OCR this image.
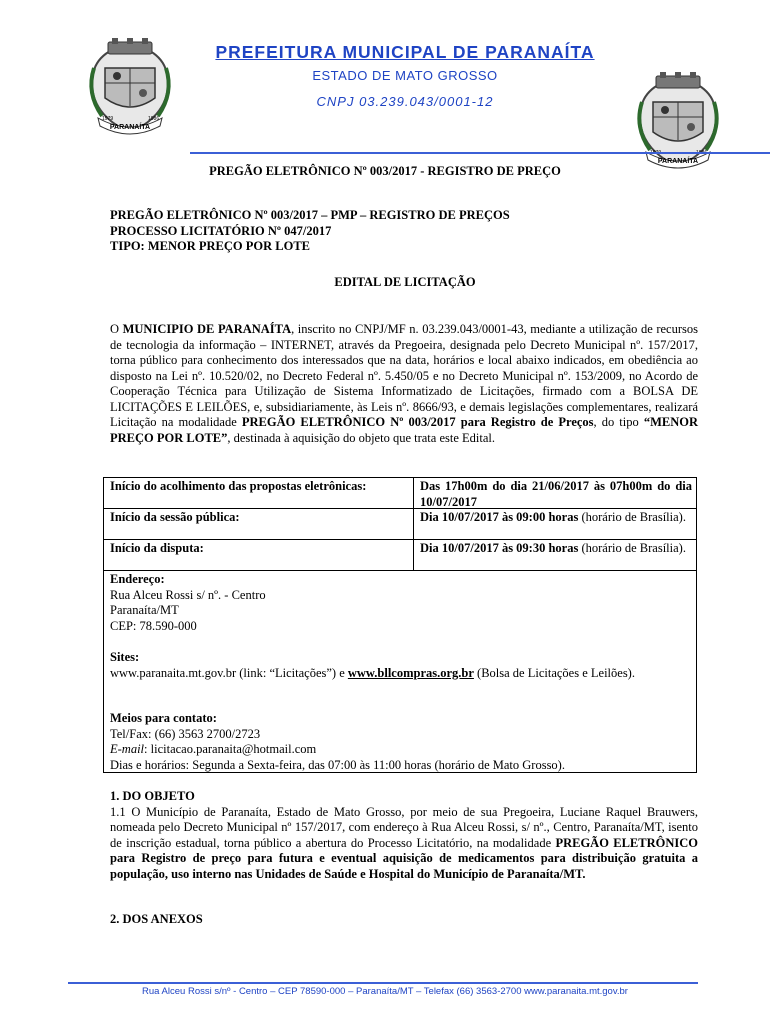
PARANAÍTA
1979	1986
PARANAÍTA
PREFEITURA MUNICIPAL DE PARANAÍTA
ESTADO DE MATO GROSSO
CNPJ 03.239.043/0001-12
PREGÃO ELETRÔNICO Nº 003/2017 - REGISTRO DE PREÇO
PREGÃO ELETRÔNICO Nº 003/2017 – PMP – REGISTRO DE PREÇOS
PROCESSO LICITATÓRIO Nº 047/2017
TIPO: MENOR PREÇO POR LOTE
EDITAL DE LICITAÇÃO
O MUNICIPIO DE PARANAÍTA, inscrito no CNPJ/MF n. 03.239.043/0001-43, mediante a utilização de recursos de tecnologia da informação – INTERNET, através da Pregoeira, designada pelo Decreto Municipal nº. 157/2017, torna público para conhecimento dos interessados que na data, horários e local abaixo indicados, em obediência ao disposto na Lei nº. 10.520/02, no Decreto Federal nº. 5.450/05 e no Decreto Municipal nº. 153/2009, no Acordo de Cooperação Técnica para Utilização de Sistema Informatizado de Licitações, firmado com a BOLSA DE LICITAÇÕES E LEILÕES, e, subsidiariamente, às Leis nº. 8666/93, e demais legislações complementares, realizará Licitação na modalidade PREGÃO ELETRÔNICO Nº 003/2017 para Registro de Preços, do tipo “MENOR PREÇO POR LOTE”, destinada à aquisição do objeto que trata este Edital.
Início do acolhimento das propostas eletrônicas:	Das 17h00m do dia 21/06/2017 às 07h00m do dia 10/07/2017
Início da sessão pública:	Dia 10/07/2017 às 09:00 horas (horário de Brasília).
Início da disputa:	Dia 10/07/2017 às 09:30 horas (horário de Brasília).
Endereço:
Rua Alceu Rossi s/ nº. - Centro
Paranaíta/MT
CEP: 78.590-000
Sites:
www.paranaita.mt.gov.br (link: “Licitações”) e www.bllcompras.org.br (Bolsa de Licitações e Leilões).
Meios para contato:
Tel/Fax: (66) 3563 2700/2723
E-mail: licitacao.paranaita@hotmail.com
Dias e horários: Segunda a Sexta-feira, das 07:00 às 11:00 horas (horário de Mato Grosso).
1. DO OBJETO
1.1 O Município de Paranaíta, Estado de Mato Grosso, por meio de sua Pregoeira, Luciane Raquel Brauwers, nomeada pelo Decreto Municipal nº 157/2017, com endereço à Rua Alceu Rossi, s/ nº., Centro, Paranaíta/MT, isento de inscrição estadual, torna público a abertura do Processo Licitatório, na modalidade PREGÃO ELETRÔNICO para Registro de preço para futura e eventual aquisição de medicamentos para distribuição gratuita a população, uso interno nas Unidades de Saúde e Hospital do Município de Paranaíta/MT.
2. DOS ANEXOS
Rua Alceu Rossi s/nº - Centro – CEP 78590-000 – Paranaíta/MT – Telefax (66) 3563-2700 www.paranaita.mt.gov.br
